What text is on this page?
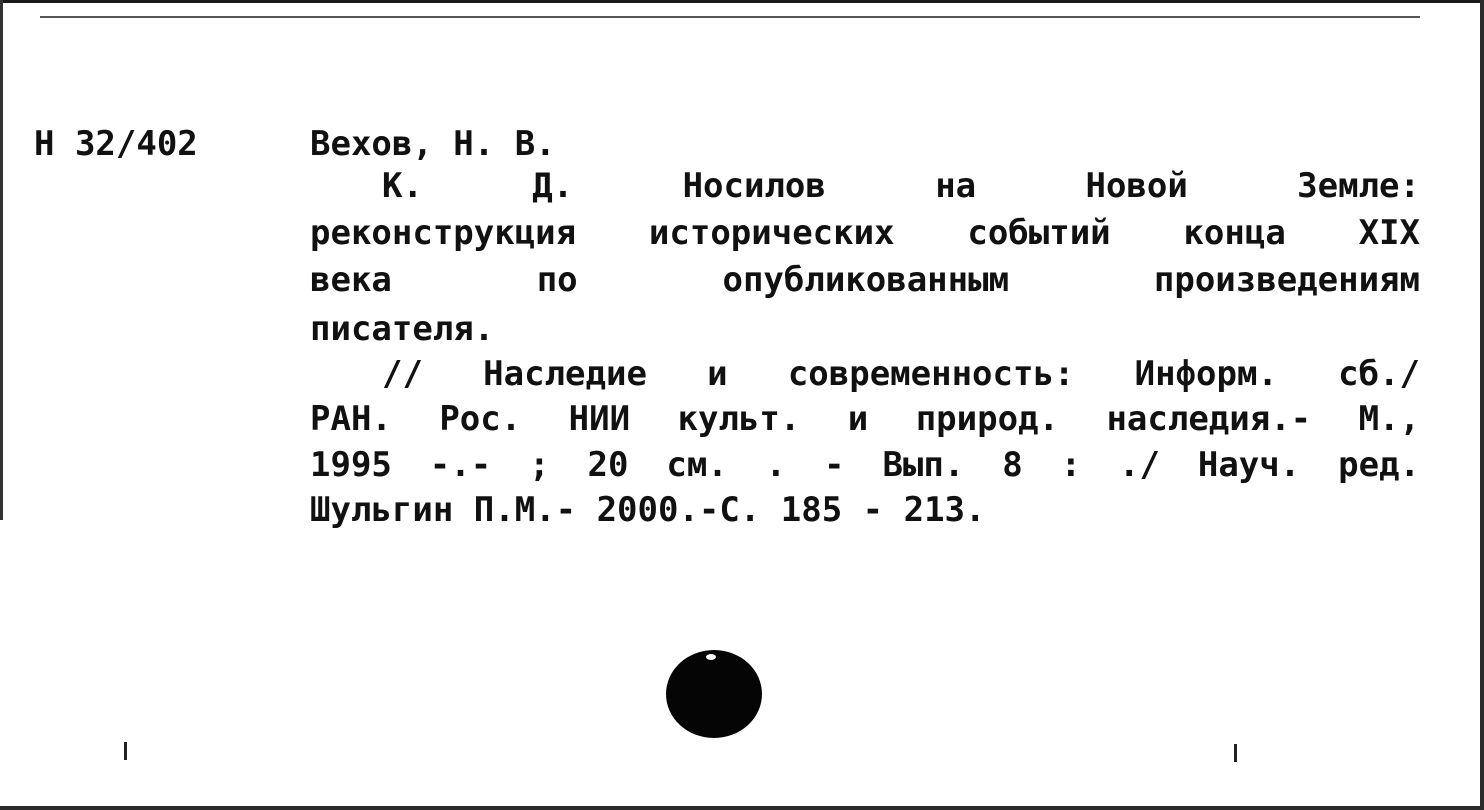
Н 32/402	Вехов, Н. В.

К. Д. Носилов на Новой Земле:

реконструкция исторических событий конца XIX

века по опубликованным произведениям

писателя.

// Наследие и современность: Информ. сб./

РАН. Рос. НИИ культ. и природ. наследия.- М.,

1995 -.- ; 20 см. . - Вып. 8 : ./ Науч. ред.

Шульгин П.М.- 2000.-С. 185 - 213.
